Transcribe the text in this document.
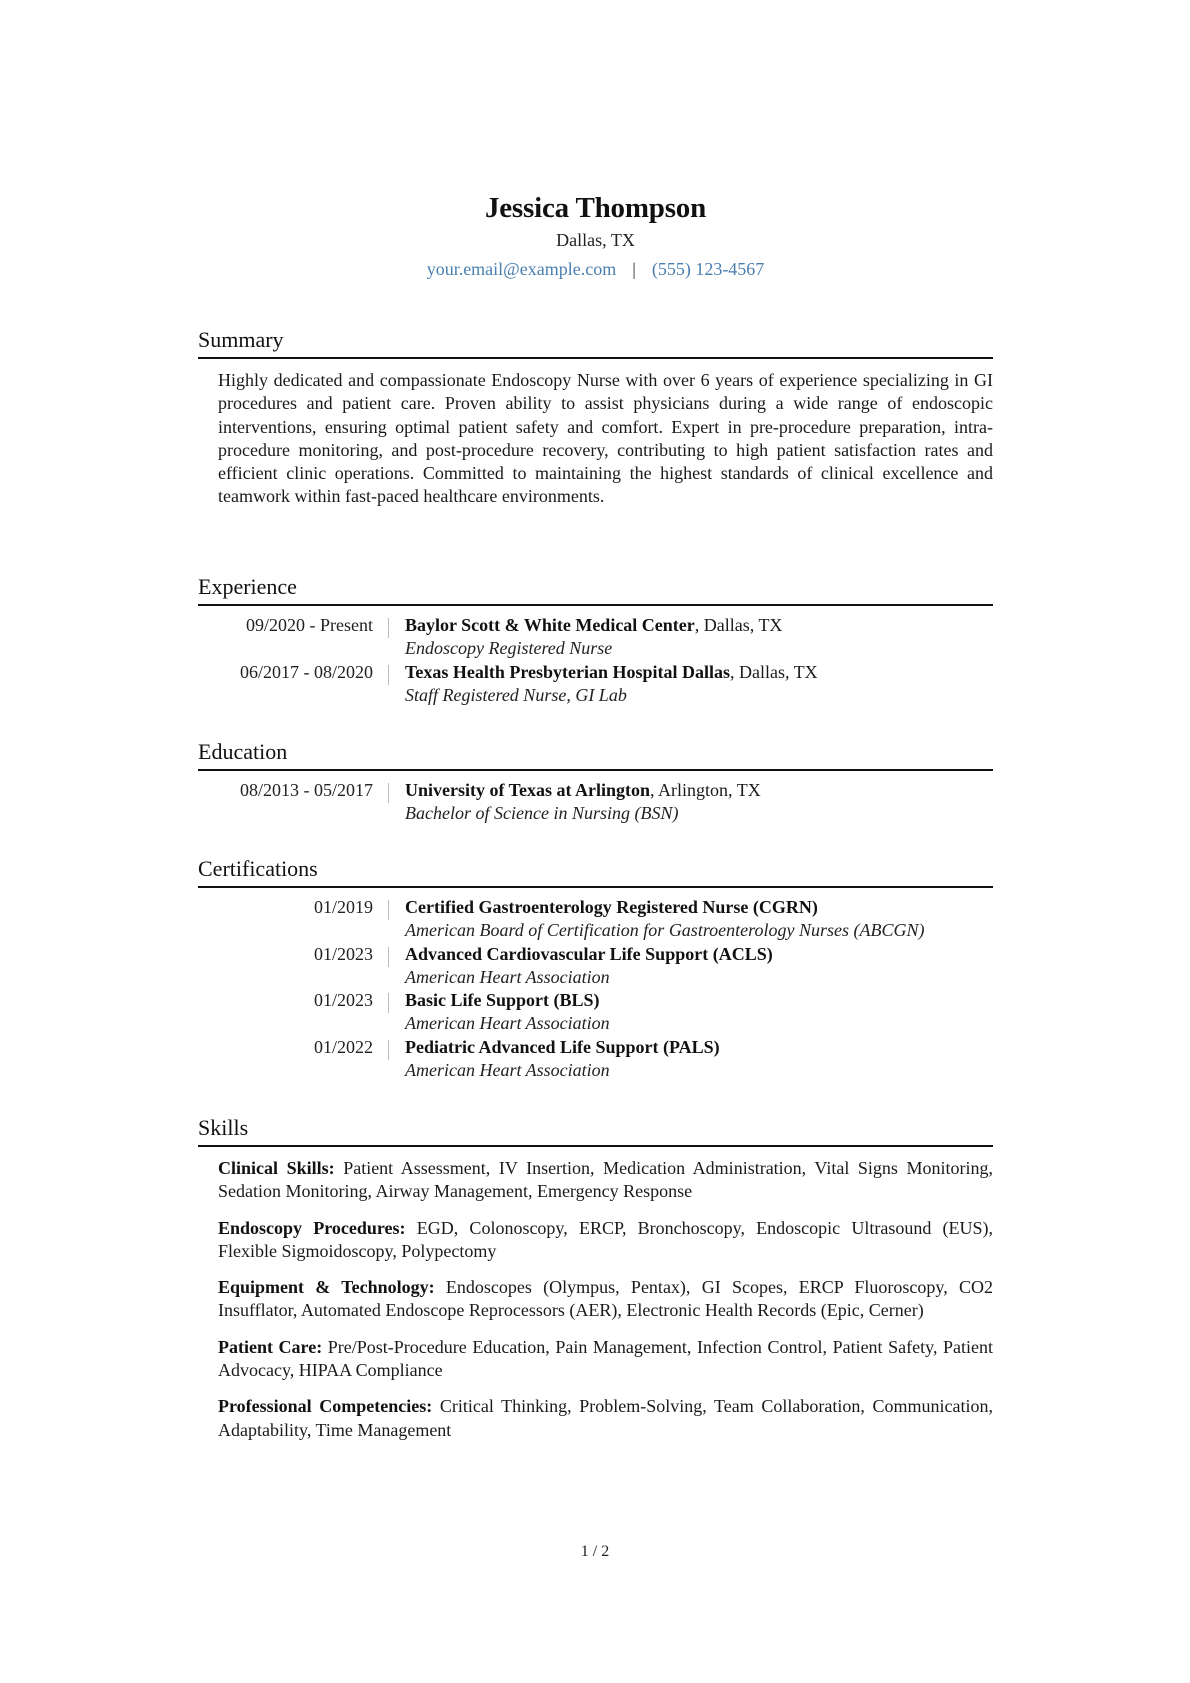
Jessica Thompson
Dallas, TX
your.email@example.com | (555) 123-4567
Summary
Highly dedicated and compassionate Endoscopy Nurse with over 6 years of experience specializing in GI procedures and patient care. Proven ability to assist physicians during a wide range of endoscopic interventions, ensuring optimal patient safety and comfort. Expert in pre-procedure preparation, intra-procedure monitoring, and post-procedure recovery, contributing to high patient satisfaction rates and efficient clinic operations. Committed to maintaining the highest standards of clinical excellence and teamwork within fast-paced healthcare environments.
Experience
09/2020 - Present	Baylor Scott & White Medical Center, Dallas, TX
Endoscopy Registered Nurse
06/2017 - 08/2020	Texas Health Presbyterian Hospital Dallas, Dallas, TX
Staff Registered Nurse, GI Lab
Education
08/2013 - 05/2017	University of Texas at Arlington, Arlington, TX
Bachelor of Science in Nursing (BSN)
Certifications
01/2019	Certified Gastroenterology Registered Nurse (CGRN)
American Board of Certification for Gastroenterology Nurses (ABCGN)
01/2023	Advanced Cardiovascular Life Support (ACLS)
American Heart Association
01/2023	Basic Life Support (BLS)
American Heart Association
01/2022	Pediatric Advanced Life Support (PALS)
American Heart Association
Skills
Clinical Skills: Patient Assessment, IV Insertion, Medication Administration, Vital Signs Monitoring, Sedation Monitoring, Airway Management, Emergency Response
Endoscopy Procedures: EGD, Colonoscopy, ERCP, Bronchoscopy, Endoscopic Ultrasound (EUS), Flexible Sigmoidoscopy, Polypectomy
Equipment & Technology: Endoscopes (Olympus, Pentax), GI Scopes, ERCP Fluoroscopy, CO2 Insufflator, Automated Endoscope Reprocessors (AER), Electronic Health Records (Epic, Cerner)
Patient Care: Pre/Post-Procedure Education, Pain Management, Infection Control, Patient Safety, Patient Advocacy, HIPAA Compliance
Professional Competencies: Critical Thinking, Problem-Solving, Team Collaboration, Communication, Adaptability, Time Management
1 / 2
